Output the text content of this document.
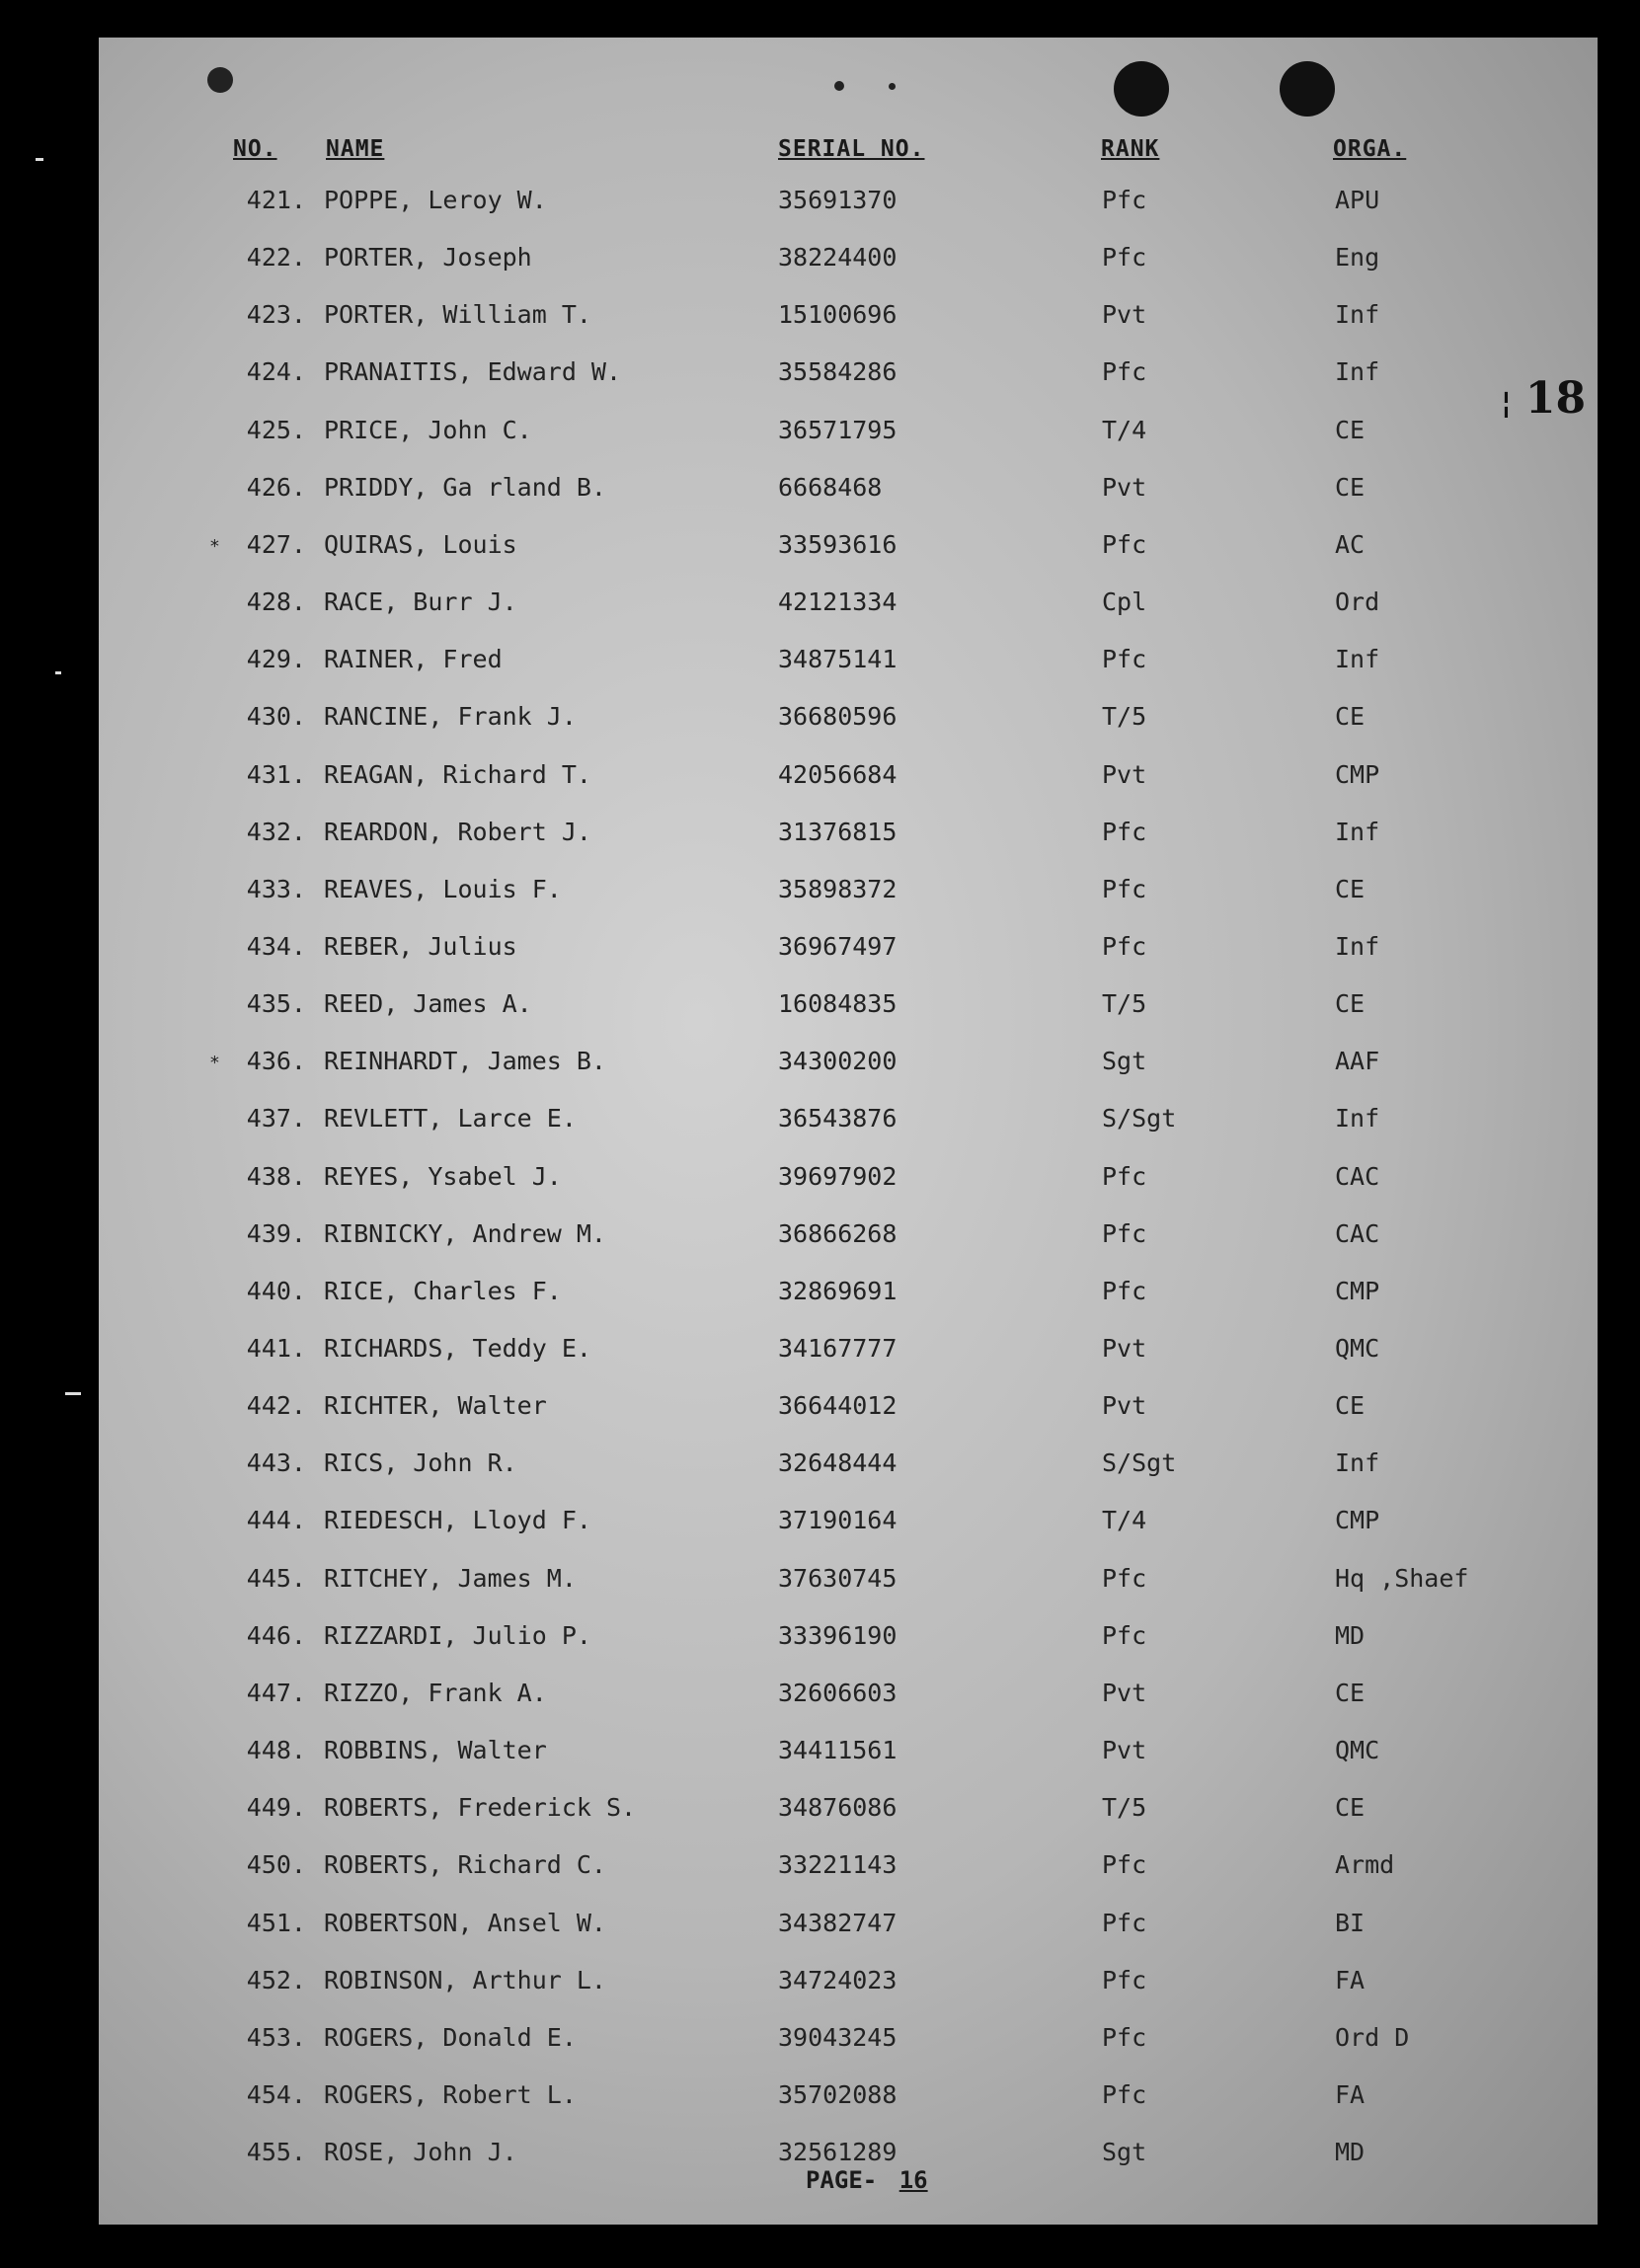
NO. NAME	SERIAL NO.	RANK	ORGA.
421. POPPE, Leroy W.	35691370	Pfc	APU
422. PORTER, Joseph	38224400	Pfc	Eng
423. PORTER, William T.	15100696	Pvt	Inf
424. PRANAITIS, Edward W.	35584286	Pfc	Inf
425. PRICE, John C.	36571795	T/4	CE
426. PRIDDY, Ga rland B.	6668468	Pvt	CE
*	427. QUIRAS, Louis	33593616	Pfc	AC
428. RACE, Burr J.	42121334	Cpl	Ord
429. RAINER, Fred	34875141	Pfc	Inf
430. RANCINE, Frank J.	36680596	T/5	CE
431. REAGAN, Richard T.	42056684	Pvt	CMP
432. REARDON, Robert J.	31376815	Pfc	Inf
433. REAVES, Louis F.	35898372	Pfc	CE
434. REBER, Julius	36967497	Pfc	Inf
435. REED, James A.	16084835	T/5	CE
*	436. REINHARDT, James B.	34300200	Sgt	AAF
437. REVLETT, Larce E.	36543876	S/Sgt	Inf
438. REYES, Ysabel J.	39697902	Pfc	CAC
439. RIBNICKY, Andrew M.	36866268	Pfc	CAC
440. RICE, Charles F.	32869691	Pfc	CMP
441. RICHARDS, Teddy E.	34167777	Pvt	QMC
442. RICHTER, Walter	36644012	Pvt	CE
443. RICS, John R.	32648444	S/Sgt	Inf
444. RIEDESCH, Lloyd F.	37190164	T/4	CMP
445. RITCHEY, James M.	37630745	Pfc	Hq ,Shaef
446. RIZZARDI, Julio P.	33396190	Pfc	MD
447. RIZZO, Frank A.	32606603	Pvt	CE
448. ROBBINS, Walter	34411561	Pvt	QMC
449. ROBERTS, Frederick S.	34876086	T/5	CE
450. ROBERTS, Richard C.	33221143	Pfc	Armd
451. ROBERTSON, Ansel W.	34382747	Pfc	BI
452. ROBINSON, Arthur L.	34724023	Pfc	FA
453. ROGERS, Donald E.	39043245	Pfc	Ord D
454. ROGERS, Robert L.	35702088	Pfc	FA
455. ROSE, John J.	32561289	Sgt	MD
¦ 18
PAGE- 16
